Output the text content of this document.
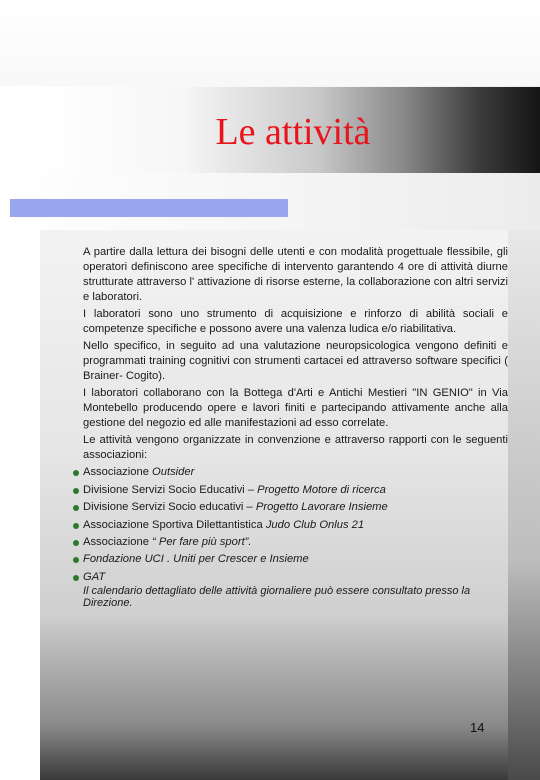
Le attività

A partire dalla lettura dei bisogni delle utenti e con modalità progettuale flessibile, gli operatori definiscono aree specifiche di intervento garantendo 4 ore di attività diurne strutturate attraverso l' attivazione di risorse esterne, la collaborazione con altri servizi e laboratori.

I laboratori sono uno strumento di acquisizione e rinforzo di abilità sociali e competenze specifiche e possono avere una valenza ludica e/o riabilitativa.

Nello specifico, in seguito ad una valutazione neuropsicologica vengono definiti e programmati training cognitivi con strumenti cartacei ed attraverso software specifici ( Brainer- Cogito).

I laboratori collaborano con la Bottega d'Arti e Antichi Mestieri "IN GENIO" in Via Montebello producendo opere e lavori finiti e partecipando attivamente anche alla gestione del negozio ed alle manifestazioni ad esso correlate.

Le attività vengono organizzate in convenzione e attraverso rapporti con le seguenti associazioni:

Associazione Outsider
Divisione Servizi Socio Educativi – Progetto Motore di ricerca
Divisione Servizi Socio educativi – Progetto Lavorare Insieme
Associazione Sportiva Dilettantistica Judo Club Onlus 21
Associazione “ Per fare più sport”.
Fondazione UCI . Uniti per Crescer e Insieme
GAT

Il calendario dettagliato delle attività giornaliere può essere consultato presso la Direzione.

14
